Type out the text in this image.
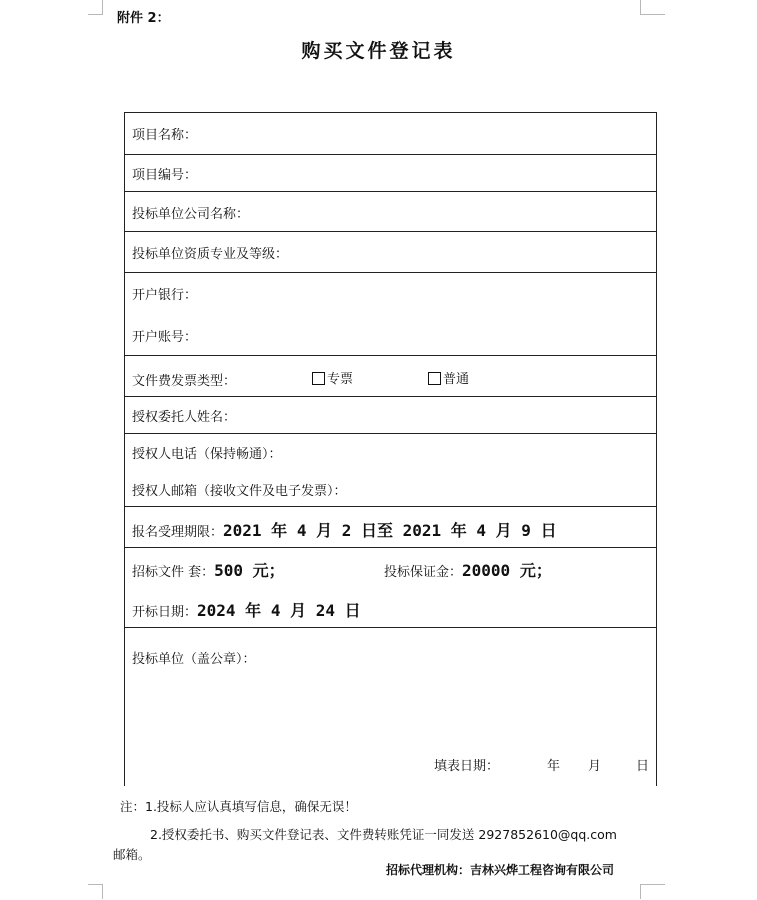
附件 2：
购买文件登记表
项目名称：
项目编号：
投标单位公司名称：
投标单位资质专业及等级：
开户银行：
开户账号：
文件费发票类型：	专票	普通
授权委托人姓名：
授权人电话（保持畅通）：
授权人邮箱（接收文件及电子发票）：
报名受理期限：2021 年 4 月 2 日至 2021 年 4 月 9 日
招标文件 套：500 元；	投标保证金：20000 元；
开标日期：2024 年 4 月 24 日
投标单位（盖公章）：
填表日期：	年 月	日
注：1.投标人应认真填写信息，确保无误！
2.授权委托书、购买文件登记表、文件费转账凭证一同发送 2927852610@qq.com
邮箱。
招标代理机构：吉林兴烨工程咨询有限公司
